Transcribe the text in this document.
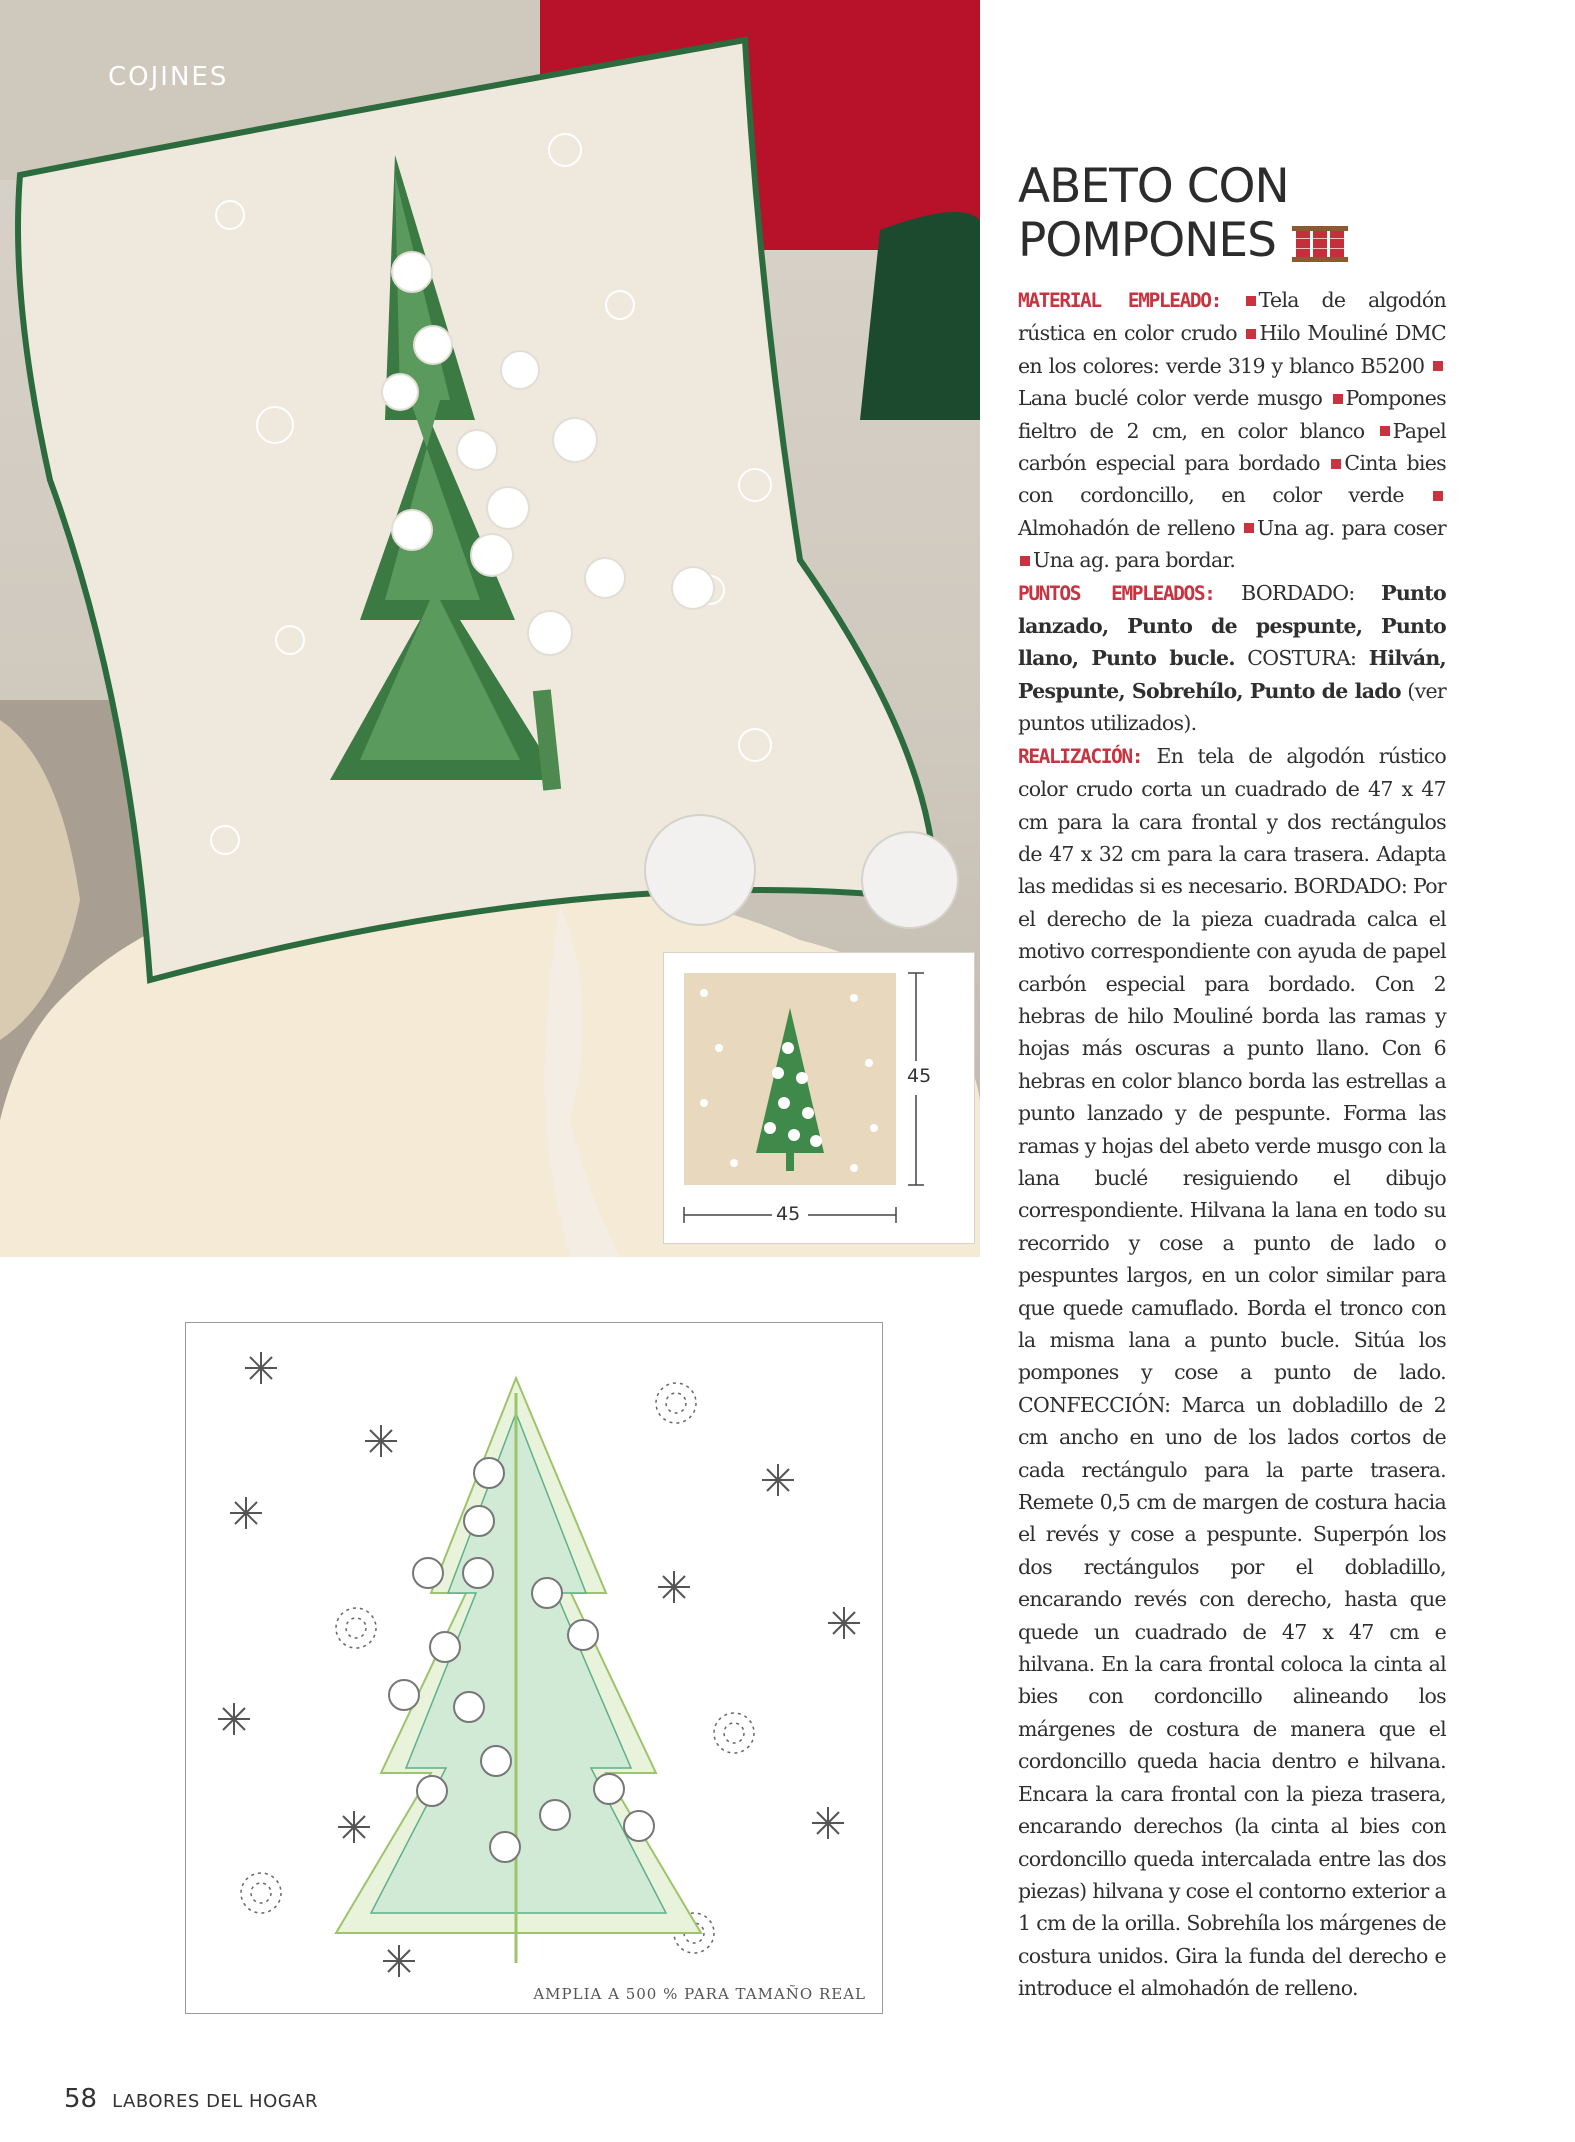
COJINES
45
45
AMPLIA A 500 % PARA TAMAÑO REAL
ABETO CON
POMPONES
MATERIAL EMPLEADO: Tela de algodón rústica en color crudo Hilo Mouliné DMC en los colores: verde 319 y blanco B5200 Lana buclé color verde musgo Pompones fieltro de 2 cm, en color blanco Papel carbón especial para bordado Cinta bies con cordoncillo, en color verde Almohadón de relleno Una ag. para coser Una ag. para bordar.
PUNTOS EMPLEADOS: BORDADO: Punto lanzado, Punto de pespunte, Punto llano, Punto bucle. COSTURA: Hilván, Pespunte, Sobrehílo, Punto de lado (ver puntos utilizados).
REALIZACIÓN: En tela de algodón rústico color crudo corta un cuadrado de 47 x 47 cm para la cara frontal y dos rectángulos de 47 x 32 cm para la cara trasera. Adapta las medidas si es necesario. BORDADO: Por el derecho de la pieza cuadrada calca el motivo correspondiente con ayuda de papel carbón especial para bordado. Con 2 hebras de hilo Mouliné borda las ramas y hojas más oscuras a punto llano. Con 6 hebras en color blanco borda las estrellas a punto lanzado y de pespunte. Forma las ramas y hojas del abeto verde musgo con la lana buclé resiguiendo el dibujo correspondiente. Hilvana la lana en todo su recorrido y cose a punto de lado o pespuntes largos, en un color similar para que quede camuflado. Borda el tronco con la misma lana a punto bucle. Sitúa los pompones y cose a punto de lado. CONFECCIÓN: Marca un dobladillo de 2 cm ancho en uno de los lados cortos de cada rectángulo para la parte trasera. Remete 0,5 cm de margen de costura hacia el revés y cose a pespunte. Superpón los dos rectángulos por el dobladillo, encarando revés con derecho, hasta que quede un cuadrado de 47 x 47 cm e hilvana. En la cara frontal coloca la cinta al bies con cordoncillo alineando los márgenes de costura de manera que el cordoncillo queda hacia dentro e hilvana. Encara la cara frontal con la pieza trasera, encarando derechos (la cinta al bies con cordoncillo queda intercalada entre las dos piezas) hilvana y cose el contorno exterior a 1 cm de la orilla. Sobrehíla los márgenes de costura unidos. Gira la funda del derecho e introduce el almohadón de relleno.
58 LABORES DEL HOGAR
